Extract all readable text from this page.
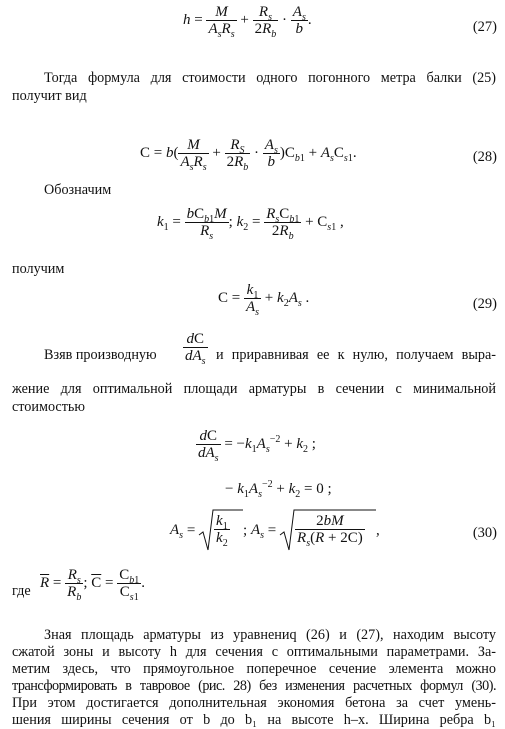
$h = \frac{M}{A_sR_s} + \frac{R_s}{2R_b} \cdot \frac{A_s}{b}$ .	(27)
Тогда формула для стоимости одного погонного метра балки (25)
получит вид
$C = b( \frac{M}{A_sR_s} + \frac{R_S}{2R_b} \cdot \frac{A_s}{b} )C_{b1} + A_sC_{s1}$.	(28)
Обозначим
$k_1 = \frac{bC_{b1}M}{R_s}$ ; $k_2 = \frac{R_sC_{b1}}{2R_b} + C_{s1}$ ,
получим
$C = \frac{k_1}{A_s} + k_2A_s$ .	(29)
Взяв производную $\frac{dC}{dA_s}$ и приравнивая ее к нулю, получаем выра-
жение для оптимальной площади арматуры в сечении с минимальной
стоимостью
$\frac{dC}{dA_s} = -k_1A_s^{-2} + k_2$ ;
− $k_1A_s^{-2} + k_2 = 0$ ;
$A_s = \frac{k_1}{k_2}$ ; $A_s = \frac{2bM}{R_s(\overline{R} + 2\overline{C})}$ ,	(30)
где
$\overline{R} = \frac{R_s}{R_b}$ ; $\overline{C} = \frac{C_{b1}}{C_{s1}}$ .
Зная площадь арматуры из уравнениq (26) и (27), находим высоту
сжатой зоны и высоту h для сечения с оптимальными параметрами. За-
метим здесь, что прямоугольное поперечное сечение элемента можно
трансформировать в тавровое (рис. 28) без изменения расчетных формул (30).
При этом достигается дополнительная экономия бетона за счет умень-
шения ширины сечения от b до b₁ на высоте h–x. Ширина ребра b₁
